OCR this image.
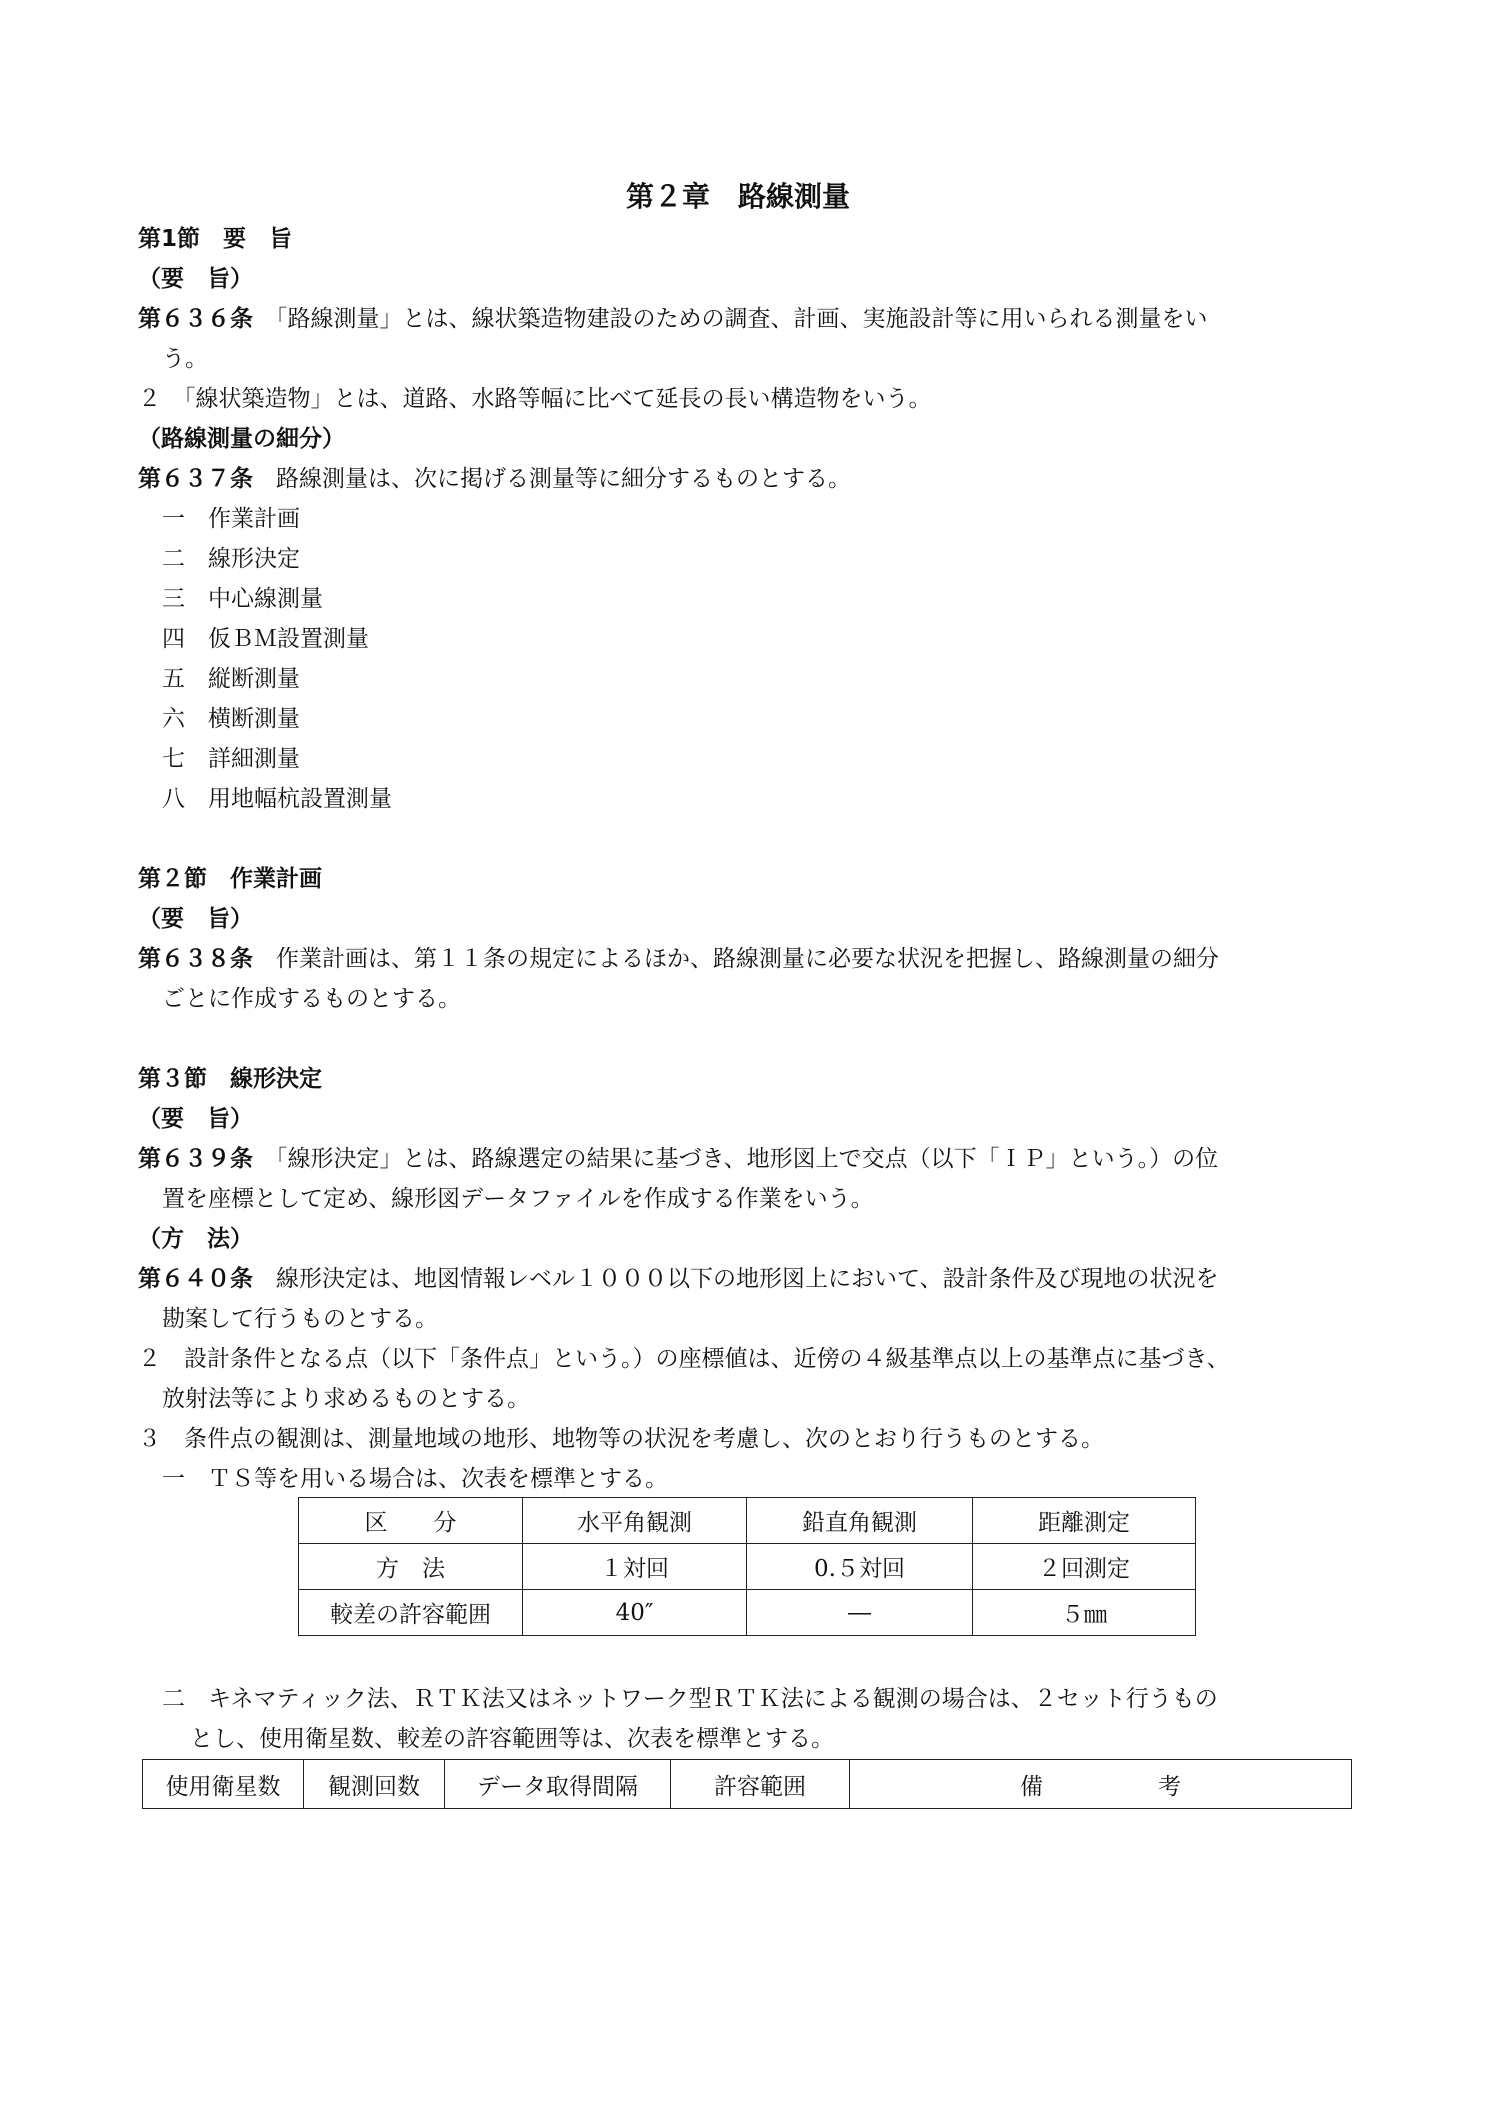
第２章　路線測量
第1節　要　旨
（要　旨）
第６３６条　「路線測量」とは、線状築造物建設のための調査、計画、実施設計等に用いられる測量をい
う。
２　「線状築造物」とは、道路、水路等幅に比べて延長の長い構造物をいう。
（路線測量の細分）
第６３７条　路線測量は、次に掲げる測量等に細分するものとする。
一　作業計画
二　線形決定
三　中心線測量
四　仮ＢＭ設置測量
五　縦断測量
六　横断測量
七　詳細測量
八　用地幅杭設置測量
第２節　作業計画
（要　旨）
第６３８条　作業計画は、第１１条の規定によるほか、路線測量に必要な状況を把握し、路線測量の細分
ごとに作成するものとする。
第３節　線形決定
（要　旨）
第６３９条　「線形決定」とは、路線選定の結果に基づき、地形図上で交点（以下「ＩＰ」という。）の位
置を座標として定め、線形図データファイルを作成する作業をいう。
（方　法）
第６４０条　線形決定は、地図情報レベル１０００以下の地形図上において、設計条件及び現地の状況を
勘案して行うものとする。
２　設計条件となる点（以下「条件点」という。）の座標値は、近傍の４級基準点以上の基準点に基づき、
放射法等により求めるものとする。
３　条件点の観測は、測量地域の地形、地物等の状況を考慮し、次のとおり行うものとする。
一　ＴＳ等を用いる場合は、次表を標準とする。
区　　分	水平角観測	鉛直角観測	距離測定
方　法	１対回	0.５対回	２回測定
較差の許容範囲	40″	―	５㎜
二　キネマティック法、ＲＴＫ法又はネットワーク型ＲＴＫ法による観測の場合は、２セット行うもの
とし、使用衛星数、較差の許容範囲等は、次表を標準とする。
使用衛星数	観測回数	データ取得間隔	許容範囲	備　　　　　考
